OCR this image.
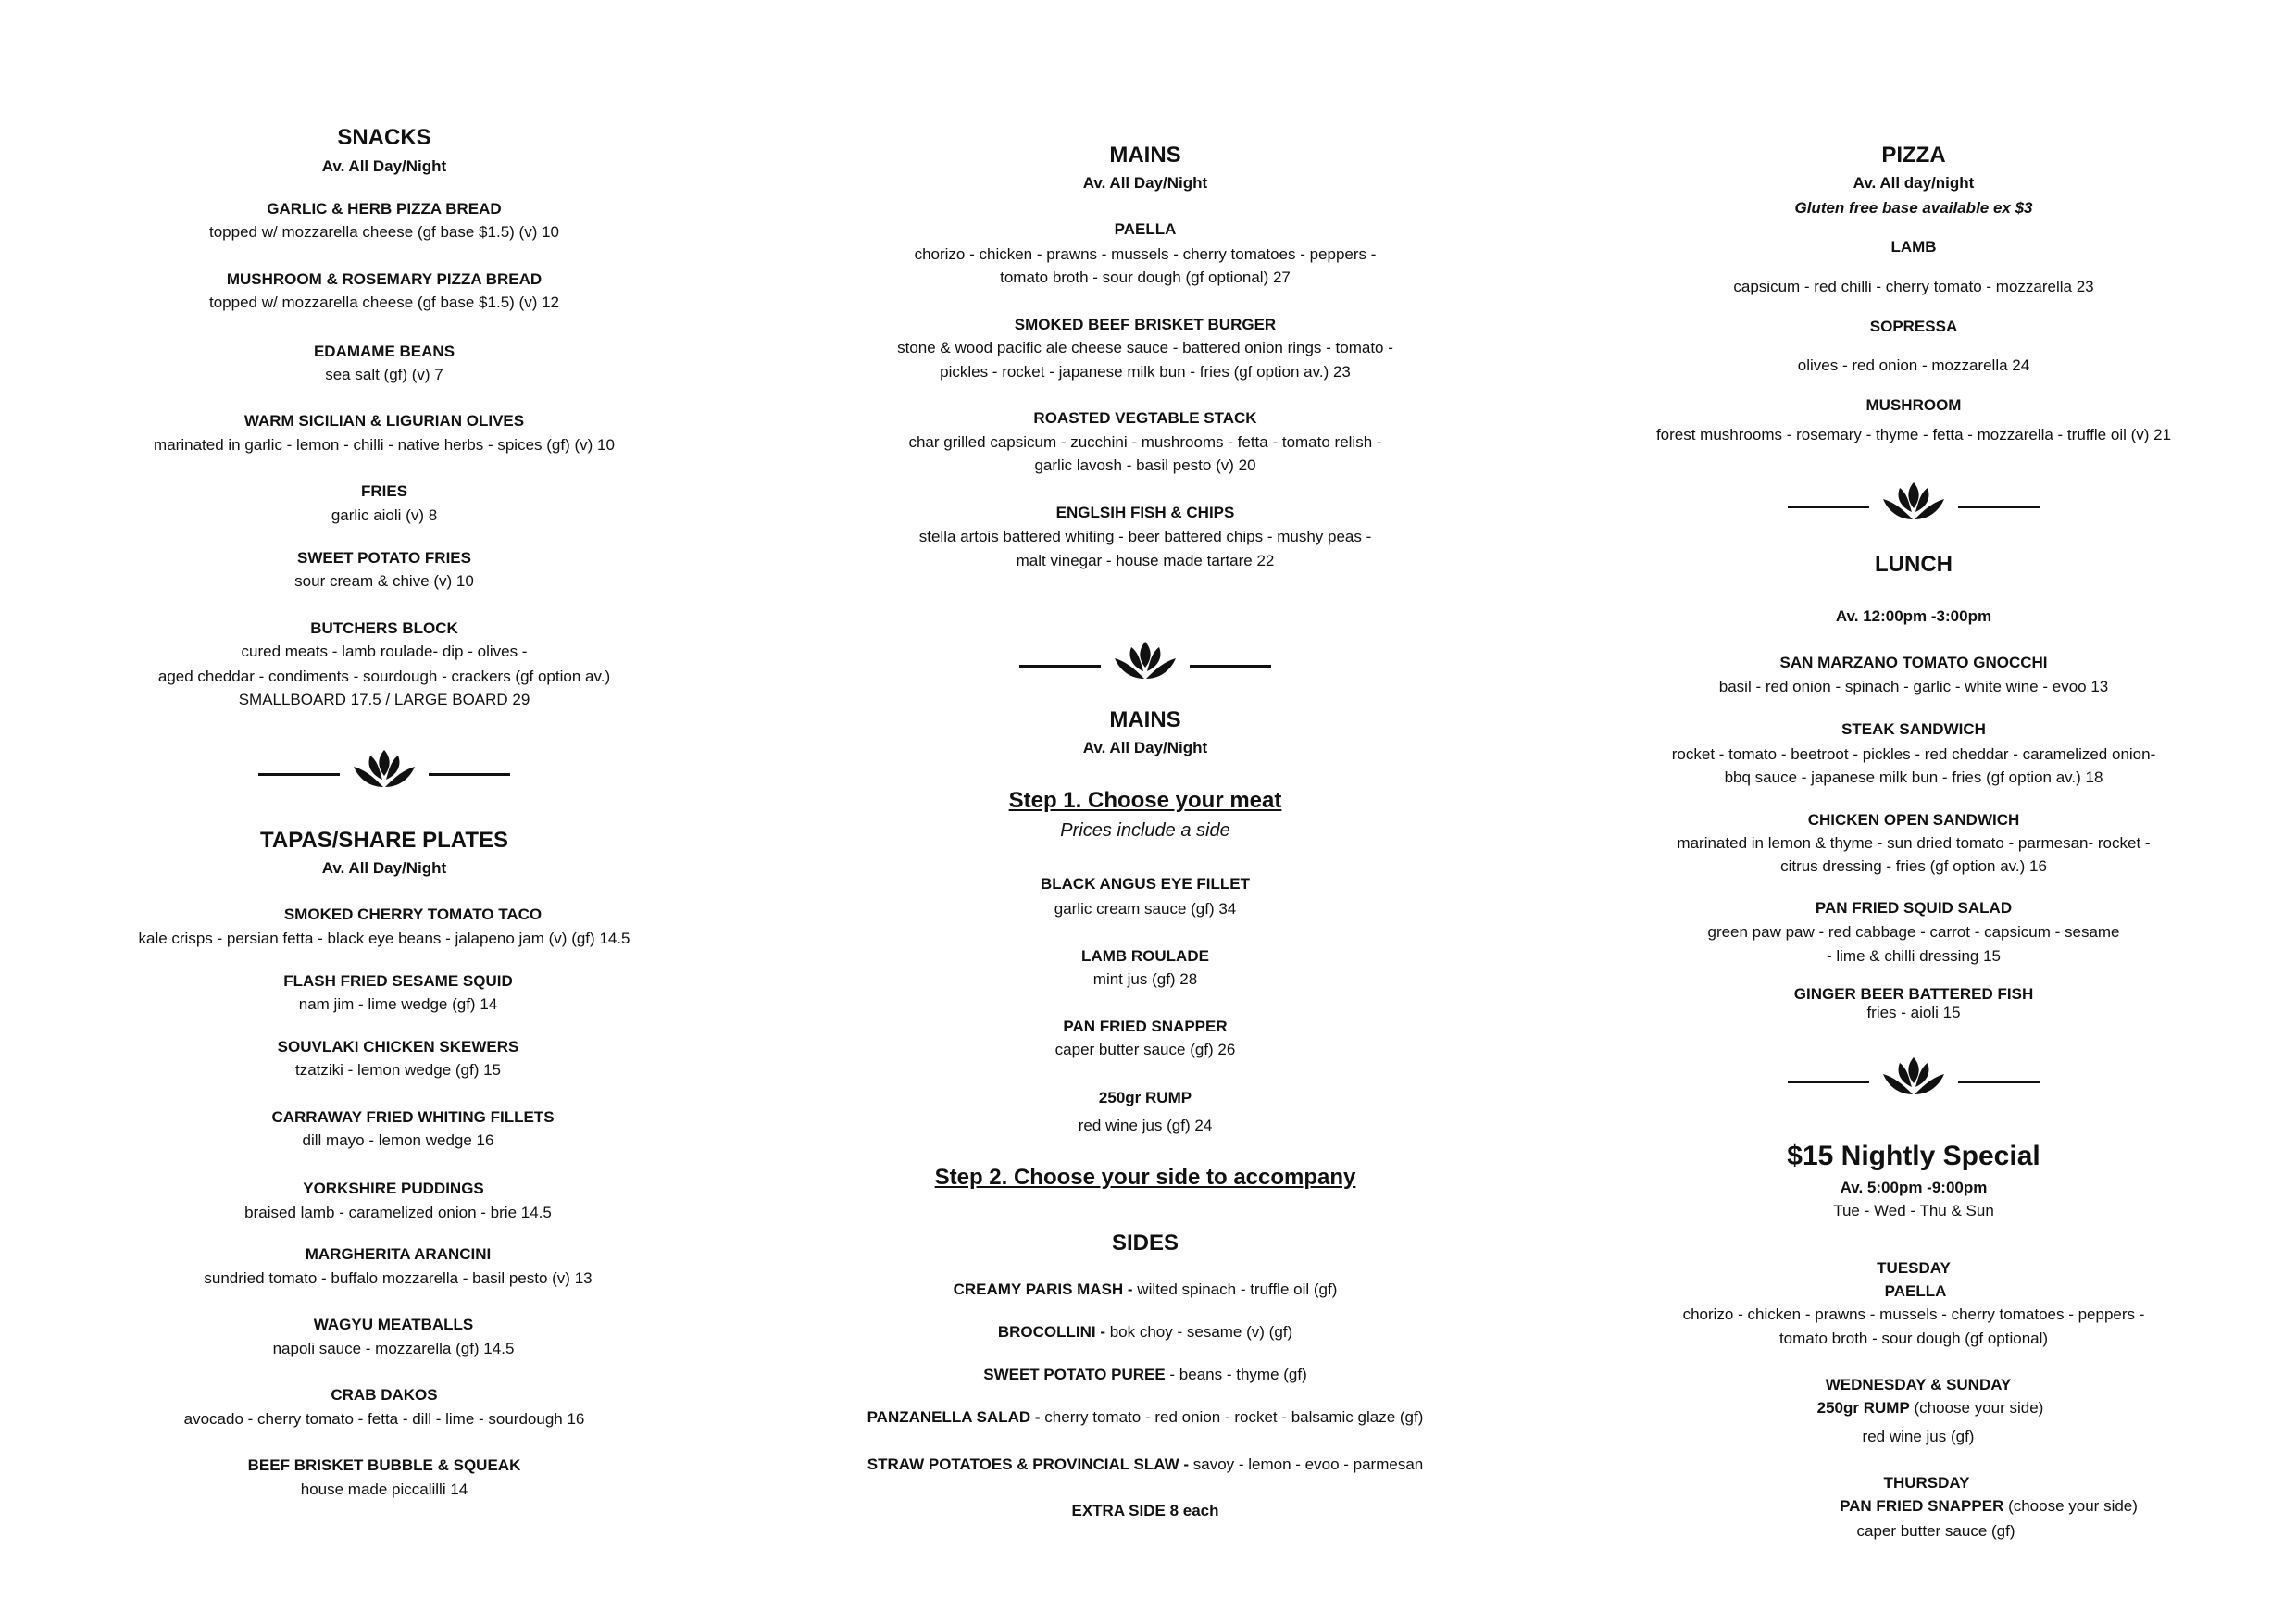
SNACKS
Av. All Day/Night
GARLIC & HERB PIZZA BREAD
topped w/ mozzarella cheese (gf base $1.5) (v) 10
MUSHROOM & ROSEMARY PIZZA BREAD
topped w/ mozzarella cheese (gf base $1.5) (v) 12
EDAMAME BEANS
sea salt (gf) (v) 7
WARM SICILIAN & LIGURIAN OLIVES
marinated in garlic - lemon - chilli - native herbs - spices (gf) (v) 10
FRIES
garlic aioli (v) 8
SWEET POTATO FRIES
sour cream & chive (v) 10
BUTCHERS BLOCK
cured meats - lamb roulade- dip - olives -
aged cheddar - condiments - sourdough - crackers (gf option av.)
SMALLBOARD 17.5 / LARGE BOARD 29
TAPAS/SHARE PLATES
Av. All Day/Night
SMOKED CHERRY TOMATO TACO
kale crisps - persian fetta - black eye beans - jalapeno jam (v) (gf) 14.5
FLASH FRIED SESAME SQUID
nam jim - lime wedge (gf) 14
SOUVLAKI CHICKEN SKEWERS
tzatziki - lemon wedge (gf) 15
CARRAWAY FRIED WHITING FILLETS
dill mayo - lemon wedge 16
YORKSHIRE PUDDINGS
braised lamb - caramelized onion - brie 14.5
MARGHERITA ARANCINI
sundried tomato - buffalo mozzarella - basil pesto (v) 13
WAGYU MEATBALLS
napoli sauce - mozzarella (gf) 14.5
CRAB DAKOS
avocado - cherry tomato - fetta - dill - lime - sourdough 16
BEEF BRISKET BUBBLE & SQUEAK
house made piccalilli 14
MAINS
Av. All Day/Night
PAELLA
chorizo - chicken - prawns - mussels - cherry tomatoes - peppers -
tomato broth - sour dough (gf optional) 27
SMOKED BEEF BRISKET BURGER
stone & wood pacific ale cheese sauce - battered onion rings - tomato -
pickles - rocket - japanese milk bun - fries (gf option av.) 23
ROASTED VEGTABLE STACK
char grilled capsicum - zucchini - mushrooms - fetta - tomato relish -
garlic lavosh - basil pesto (v) 20
ENGLSIH FISH & CHIPS
stella artois battered whiting - beer battered chips - mushy peas -
malt vinegar - house made tartare 22
MAINS
Av. All Day/Night
Step 1. Choose your meat
Prices include a side
BLACK ANGUS EYE FILLET
garlic cream sauce (gf) 34
LAMB ROULADE
mint jus (gf) 28
PAN FRIED SNAPPER
caper butter sauce (gf) 26
250gr RUMP
red wine jus (gf) 24
Step 2. Choose your side to accompany
SIDES
CREAMY PARIS MASH - wilted spinach - truffle oil (gf)
BROCOLLINI - bok choy - sesame (v) (gf)
SWEET POTATO PUREE - beans - thyme (gf)
PANZANELLA SALAD - cherry tomato - red onion - rocket - balsamic glaze (gf)
STRAW POTATOES & PROVINCIAL SLAW - savoy - lemon - evoo - parmesan
EXTRA SIDE 8 each
PIZZA
Av. All day/night
Gluten free base available ex $3
LAMB
capsicum - red chilli - cherry tomato - mozzarella 23
SOPRESSA
olives - red onion - mozzarella 24
MUSHROOM
forest mushrooms - rosemary - thyme - fetta - mozzarella - truffle oil (v) 21
LUNCH
Av. 12:00pm -3:00pm
SAN MARZANO TOMATO GNOCCHI
basil - red onion - spinach - garlic - white wine - evoo 13
STEAK SANDWICH
rocket - tomato - beetroot - pickles - red cheddar - caramelized onion-
bbq sauce - japanese milk bun - fries (gf option av.) 18
CHICKEN OPEN SANDWICH
marinated in lemon & thyme - sun dried tomato - parmesan- rocket -
citrus dressing - fries (gf option av.) 16
PAN FRIED SQUID SALAD
green paw paw - red cabbage - carrot - capsicum - sesame
- lime & chilli dressing 15
GINGER BEER BATTERED FISH
fries - aioli 15
$15 Nightly Special
Av. 5:00pm -9:00pm
Tue - Wed - Thu & Sun
TUESDAY
PAELLA
chorizo - chicken - prawns - mussels - cherry tomatoes - peppers -
tomato broth - sour dough (gf optional)
WEDNESDAY & SUNDAY
250gr RUMP (choose your side)
red wine jus (gf)
THURSDAY
PAN FRIED SNAPPER (choose your side)
caper butter sauce (gf)
